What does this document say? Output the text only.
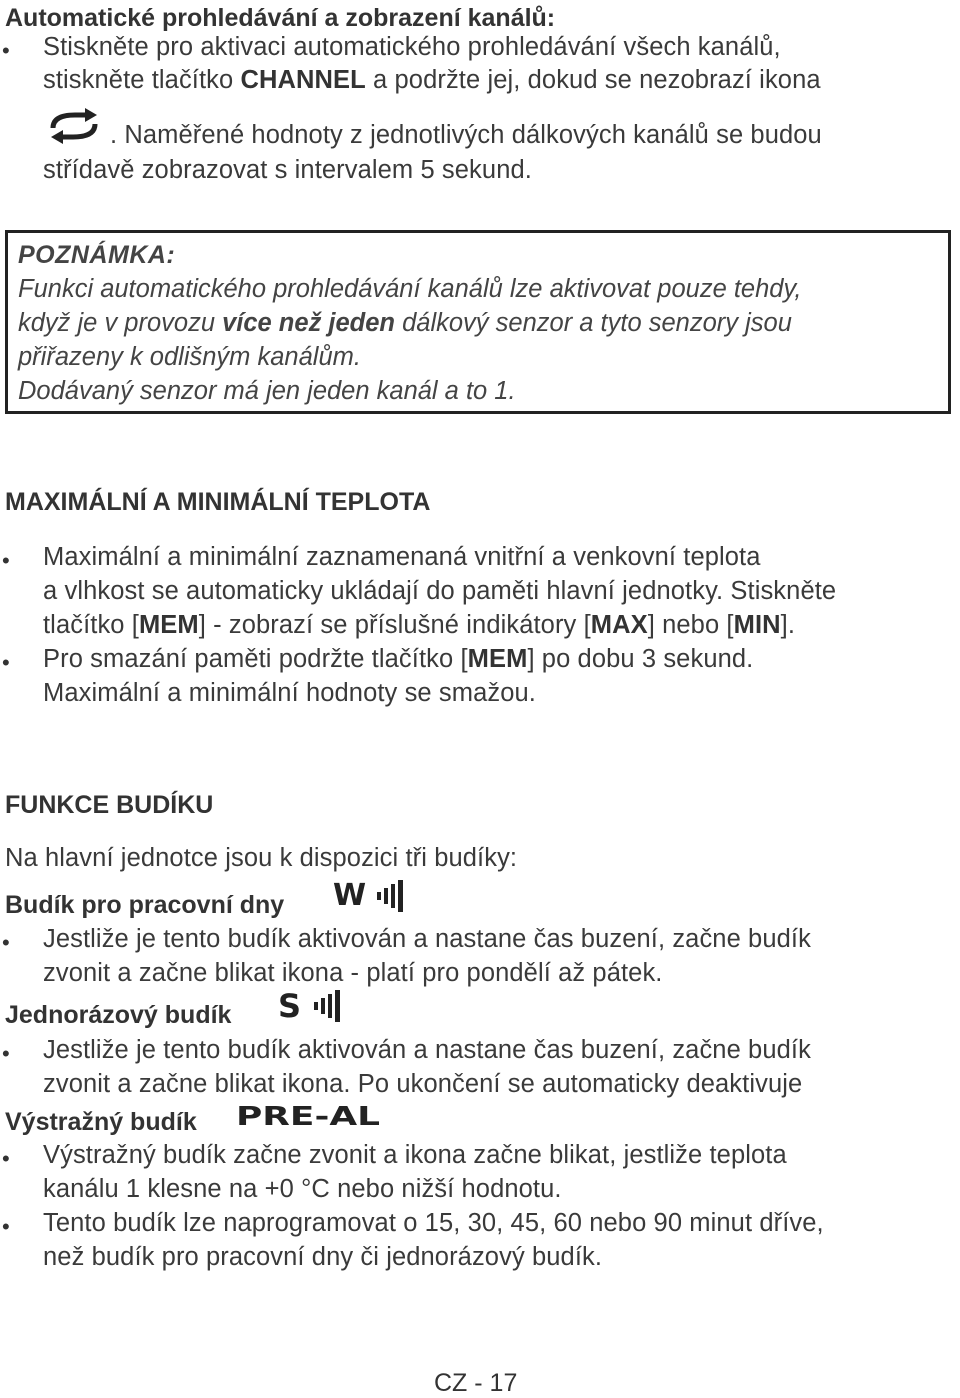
Automatické prohledávání a zobrazení kanálů:
• Stiskněte pro aktivaci automatického prohledávání všech kanálů,
stiskněte tlačítko CHANNEL a podržte jej, dokud se nezobrazí ikona
. Naměřené hodnoty z jednotlivých dálkových kanálů se budou
střídavě zobrazovat s intervalem 5 sekund.
POZNÁMKA:
Funkci automatického prohledávání kanálů lze aktivovat pouze tehdy,
když je v provozu více než jeden dálkový senzor a tyto senzory jsou
přiřazeny k odlišným kanálům.
Dodávaný senzor má jen jeden kanál a to 1.
MAXIMÁLNÍ A MINIMÁLNÍ TEPLOTA
• Maximální a minimální zaznamenaná vnitřní a venkovní teplota
a vlhkost se automaticky ukládají do paměti hlavní jednotky. Stiskněte
tlačítko [MEM] - zobrazí se příslušné indikátory [MAX] nebo [MIN].
• Pro smazání paměti podržte tlačítko [MEM] po dobu 3 sekund.
Maximální a minimální hodnoty se smažou.
FUNKCE BUDÍKU
Na hlavní jednotce jsou k dispozici tři budíky:
Budík pro pracovní dny W
• Jestliže je tento budík aktivován a nastane čas buzení, začne budík
zvonit a začne blikat ikona - platí pro pondělí až pátek.
Jednorázový budík S
• Jestliže je tento budík aktivován a nastane čas buzení, začne budík
zvonit a začne blikat ikona. Po ukončení se automaticky deaktivuje
Výstražný budík PRE-AL
• Výstražný budík začne zvonit a ikona začne blikat, jestliže teplota
kanálu 1 klesne na +0 °C nebo nižší hodnotu.
• Tento budík lze naprogramovat o 15, 30, 45, 60 nebo 90 minut dříve,
než budík pro pracovní dny či jednorázový budík.
CZ - 17
